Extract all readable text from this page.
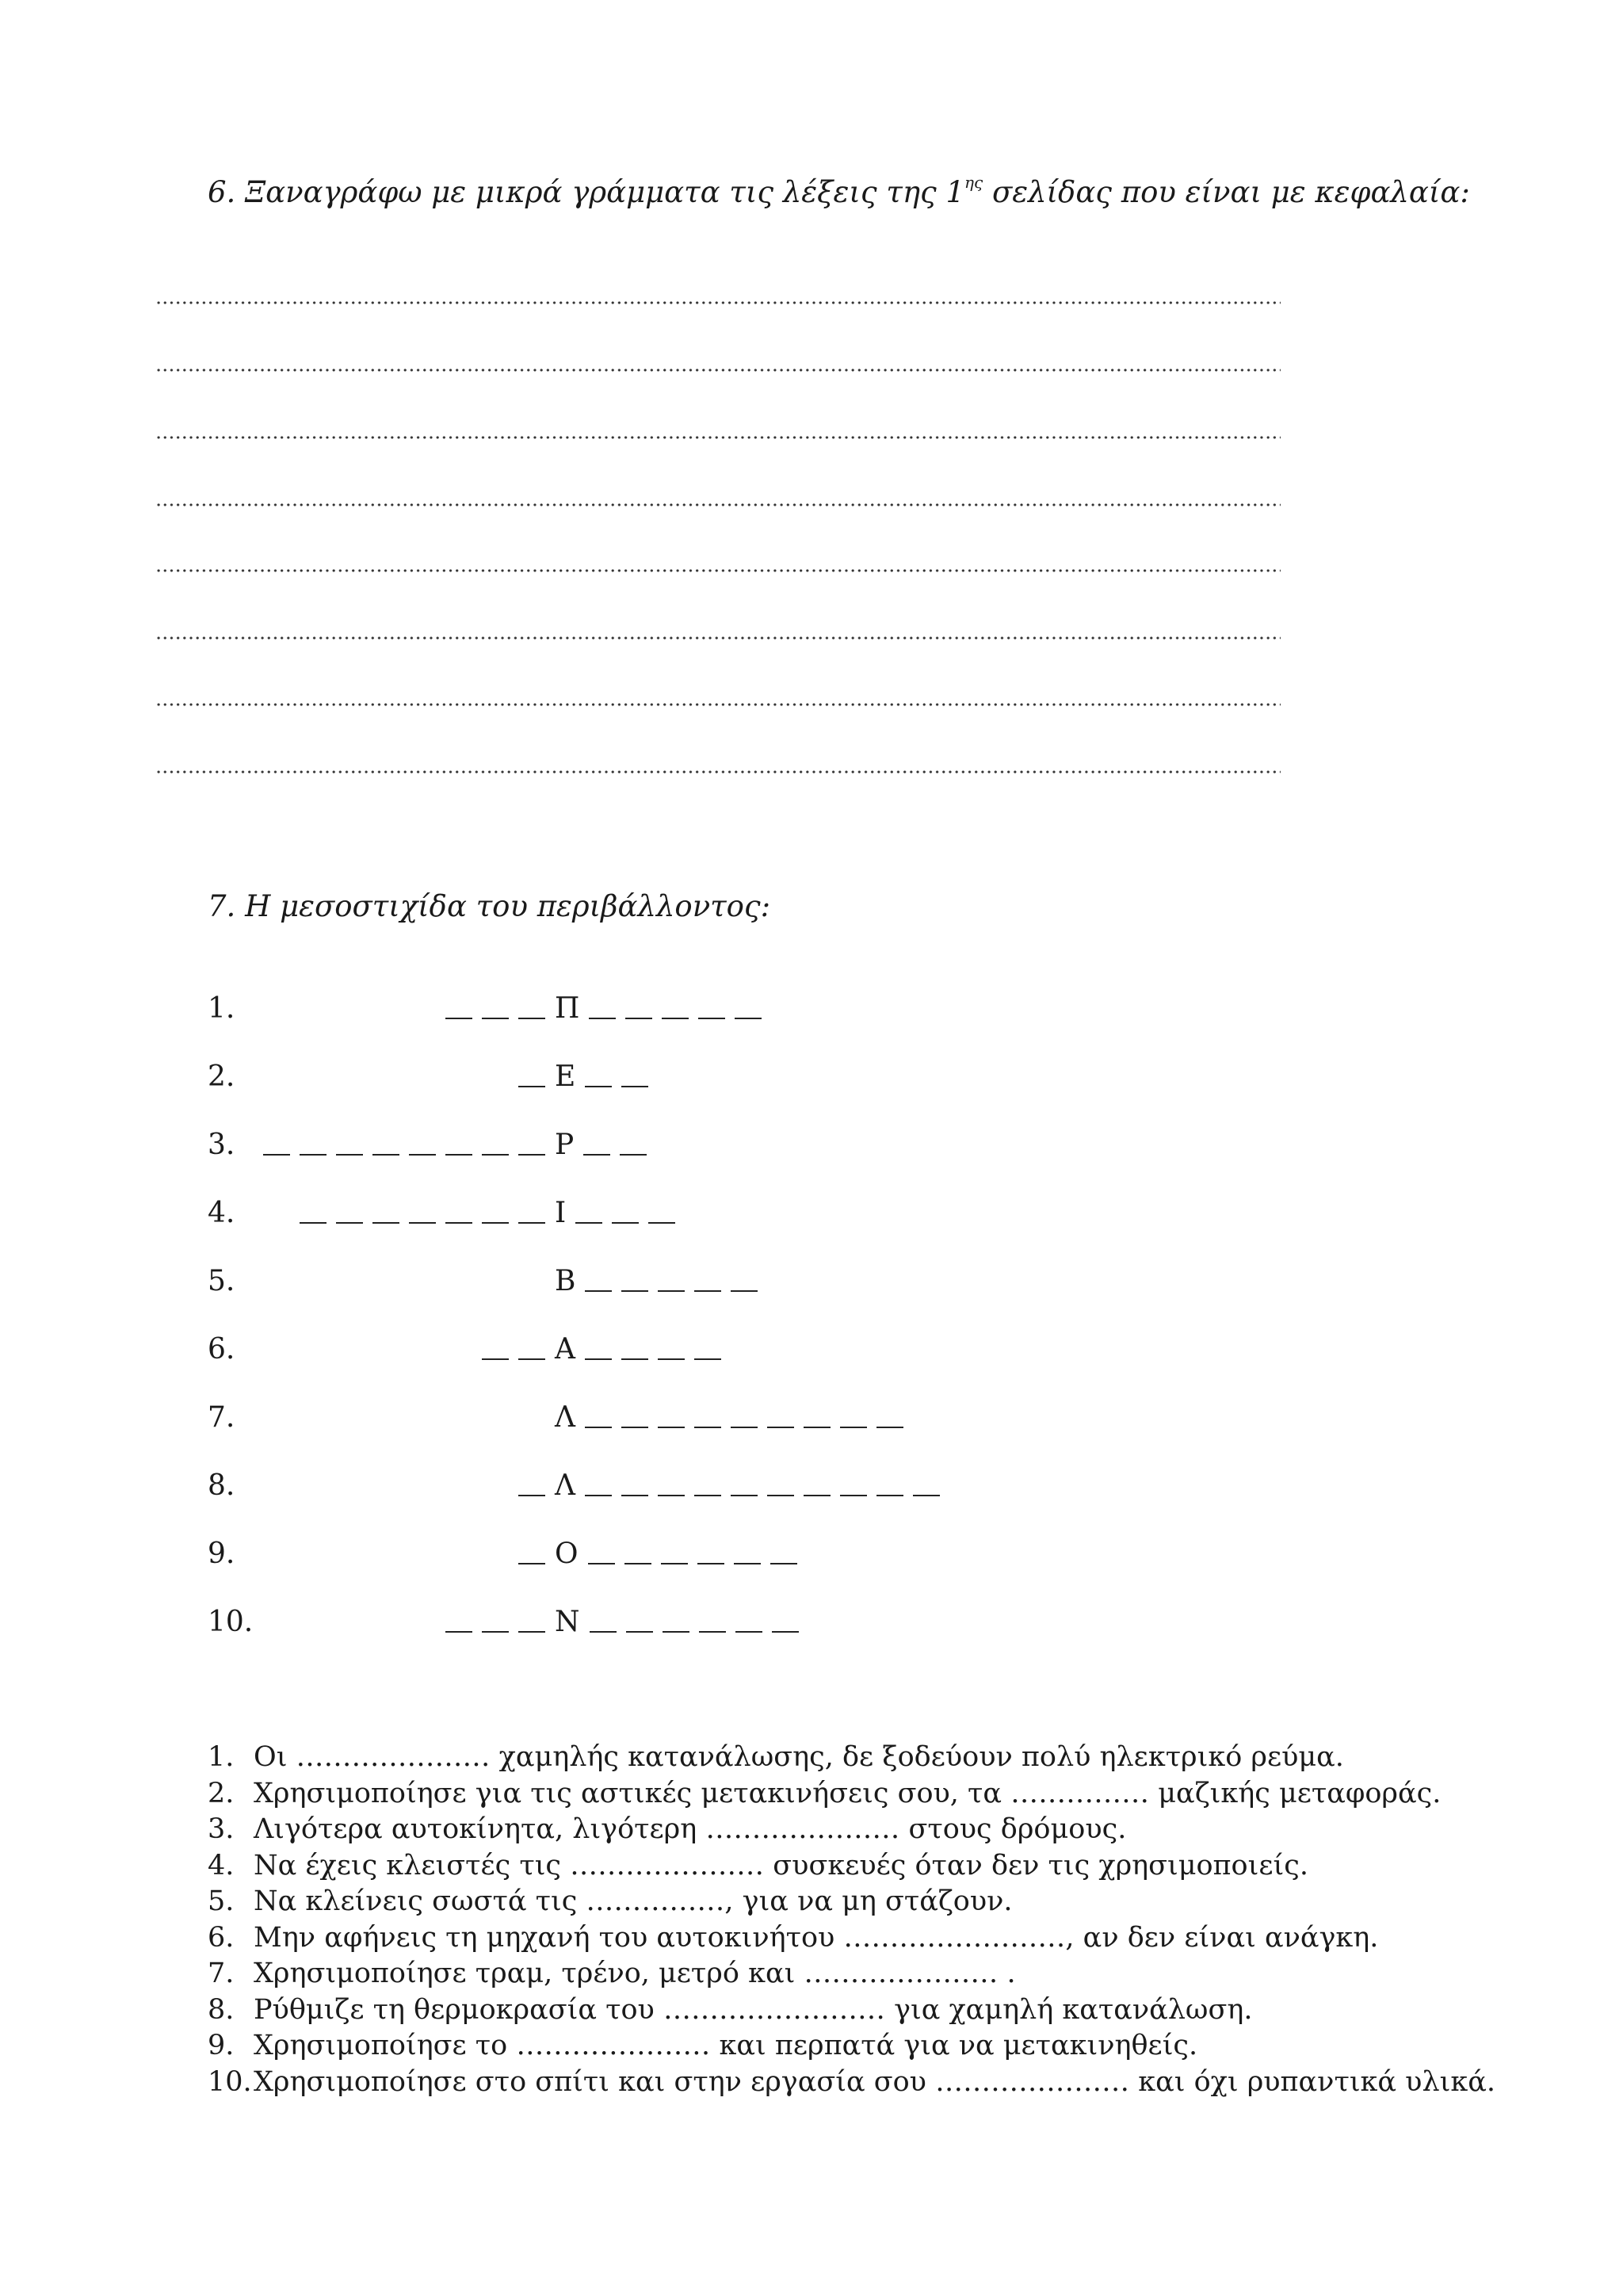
6. Ξαναγράφω με μικρά γράμματα τις λέξεις της $1^{\eta\varsigma}$ σελίδας που είναι με κεφαλαία:
7. Η μεσοστιχίδα του περιβάλλοντος:
1.	Π
2.	Ε
3.	Ρ
4.	Ι
5.	Β
6.	Α
7.	Λ
8.	Λ
9.	Ο
10.	Ν
1. Οι ………………… χαμηλής κατανάλωσης, δε ξοδεύουν πολύ ηλεκτρικό ρεύμα.
2. Χρησιμοποίησε για τις αστικές μετακινήσεις σου, τα …………… μαζικής μεταφοράς.
3. Λιγότερα αυτοκίνητα, λιγότερη ………………… στους δρόμους.
4. Να έχεις κλειστές τις ………………… συσκευές όταν δεν τις χρησιμοποιείς.
5. Να κλείνεις σωστά τις ……………, για να μη στάζουν.
6. Μην αφήνεις τη μηχανή του αυτοκινήτου ……………………, αν δεν είναι ανάγκη.
7. Χρησιμοποίησε τραμ, τρένο, μετρό και ………………… .
8. Ρύθμιζε τη θερμοκρασία του …………………… για χαμηλή κατανάλωση.
9. Χρησιμοποίησε το ………………… και περπατά για να μετακινηθείς.
10. Χρησιμοποίησε στο σπίτι και στην εργασία σου ………………… και όχι ρυπαντικά υλικά.
